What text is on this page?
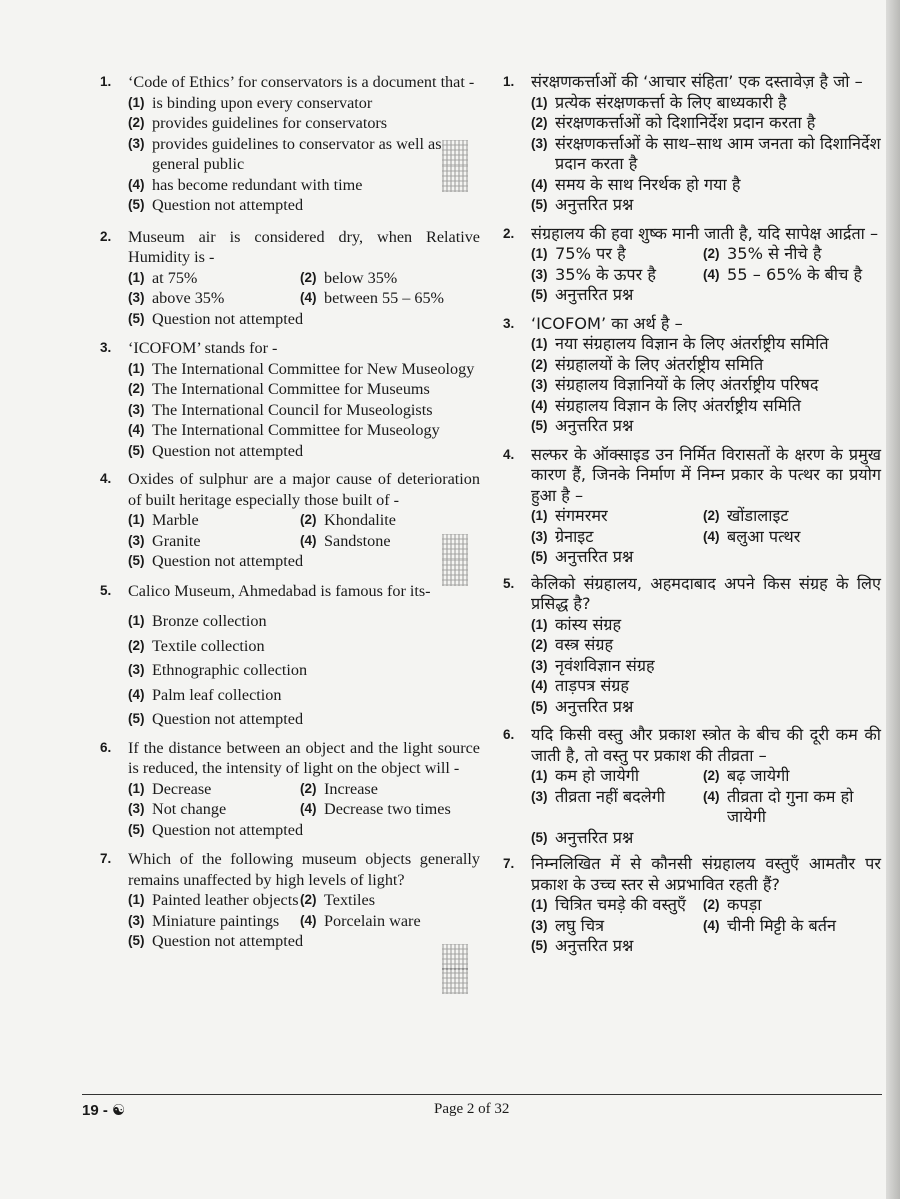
1. ‘Code of Ethics’ for conservators is a document that -
(1) is binding upon every conservator
(2) provides guidelines for conservators
(3) provides guidelines to conservator as well as general public
(4) has become redundant with time
(5) Question not attempted
2. Museum air is considered dry, when Relative Humidity is -
(1) at 75%	(2) below 35%
(3) above 35%	(4) between 55 – 65%
(5) Question not attempted
3. ‘ICOFOM’ stands for -
(1) The International Committee for New Museology
(2) The International Committee for Museums
(3) The International Council for Museologists
(4) The International Committee for Museology
(5) Question not attempted
4. Oxides of sulphur are a major cause of deterioration of built heritage especially those built of -
(1) Marble	(2) Khondalite
(3) Granite	(4) Sandstone
(5) Question not attempted
5. Calico Museum, Ahmedabad is famous for its-
(1) Bronze collection
(2) Textile collection
(3) Ethnographic collection
(4) Palm leaf collection
(5) Question not attempted
6. If the distance between an object and the light source is reduced, the intensity of light on the object will -
(1) Decrease	(2) Increase
(3) Not change	(4) Decrease two times
(5) Question not attempted
7. Which of the following museum objects generally remains unaffected by high levels of light?
(1) Painted leather objects (2) Textiles
(3) Miniature paintings	(4) Porcelain ware
(5) Question not attempted
1. संरक्षणकर्त्ताओं की ‘आचार संहिता’ एक दस्तावेज़ है जो –
(1) प्रत्येक संरक्षणकर्त्ता के लिए बाध्यकारी है
(2) संरक्षणकर्त्ताओं को दिशानिर्देश प्रदान करता है
(3) संरक्षणकर्त्ताओं के साथ–साथ आम जनता को दिशानिर्देश प्रदान करता है
(4) समय के साथ निरर्थक हो गया है
(5) अनुत्तरित प्रश्न
2. संग्रहालय की हवा शुष्क मानी जाती है, यदि सापेक्ष आर्द्रता –
(1) 75% पर है	(2) 35% से नीचे है
(3) 35% के ऊपर है	(4) 55 – 65% के बीच है
(5) अनुत्तरित प्रश्न
3. ‘ICOFOM’ का अर्थ है –
(1) नया संग्रहालय विज्ञान के लिए अंतर्राष्ट्रीय समिति
(2) संग्रहालयों के लिए अंतर्राष्ट्रीय समिति
(3) संग्रहालय विज्ञानियों के लिए अंतर्राष्ट्रीय परिषद
(4) संग्रहालय विज्ञान के लिए अंतर्राष्ट्रीय समिति
(5) अनुत्तरित प्रश्न
4. सल्फर के ऑक्साइड उन निर्मित विरासतों के क्षरण के प्रमुख कारण हैं, जिनके निर्माण में निम्न प्रकार के पत्थर का प्रयोग हुआ है –
(1) संगमरमर	(2) खोंडालाइट
(3) ग्रेनाइट	(4) बलुआ पत्थर
(5) अनुत्तरित प्रश्न
5. केलिको संग्रहालय, अहमदाबाद अपने किस संग्रह के लिए प्रसिद्ध है?
(1) कांस्य संग्रह
(2) वस्त्र संग्रह
(3) नृवंशविज्ञान संग्रह
(4) ताड़पत्र संग्रह
(5) अनुत्तरित प्रश्न
6. यदि किसी वस्तु और प्रकाश स्त्रोत के बीच की दूरी कम की जाती है, तो वस्तु पर प्रकाश की तीव्रता –
(1) कम हो जायेगी	(2) बढ़ जायेगी
(3) तीव्रता नहीं बदलेगी	(4) तीव्रता दो गुना कम हो जायेगी
(5) अनुत्तरित प्रश्न
7. निम्नलिखित में से कौनसी संग्रहालय वस्तुएँ आमतौर पर प्रकाश के उच्च स्तर से अप्रभावित रहती हैं?
(1) चित्रित चमड़े की वस्तुएँ	(2) कपड़ा
(3) लघु चित्र	(4) चीनी मिट्टी के बर्तन
(5) अनुत्तरित प्रश्न
19 - ☯	Page 2 of 32
